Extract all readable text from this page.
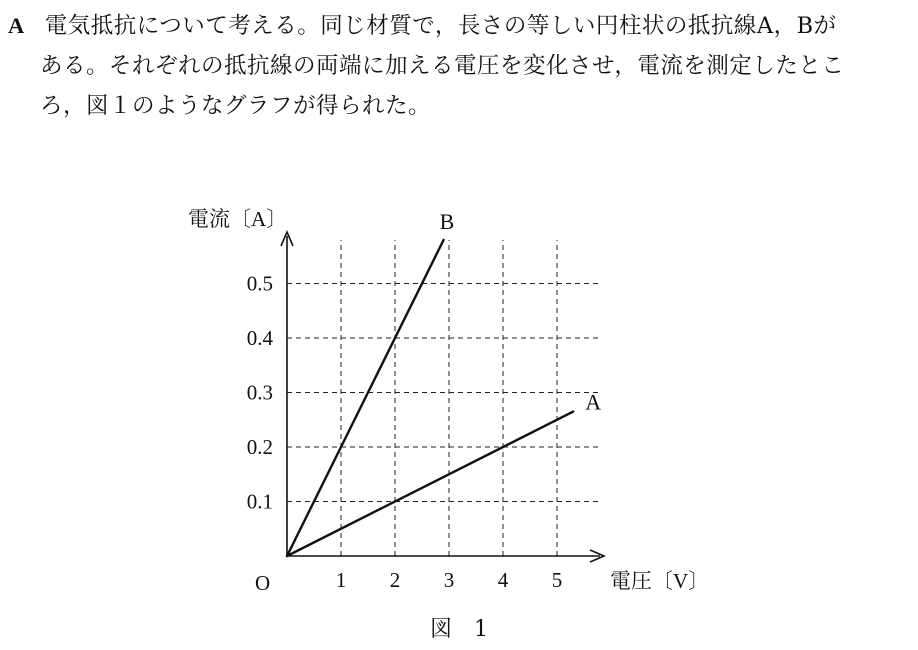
A 電気抵抗について考える。同じ材質で，長さの等しい円柱状の抵抗線A，Bが
ある。それぞれの抵抗線の両端に加える電圧を変化させ，電流を測定したとこ
ろ，図１のようなグラフが得られた。
1 2 3 4 5
0.1
0.2
0.3
0.4
0.5
B
A
電流〔A〕
電圧〔V〕
O
図　1
